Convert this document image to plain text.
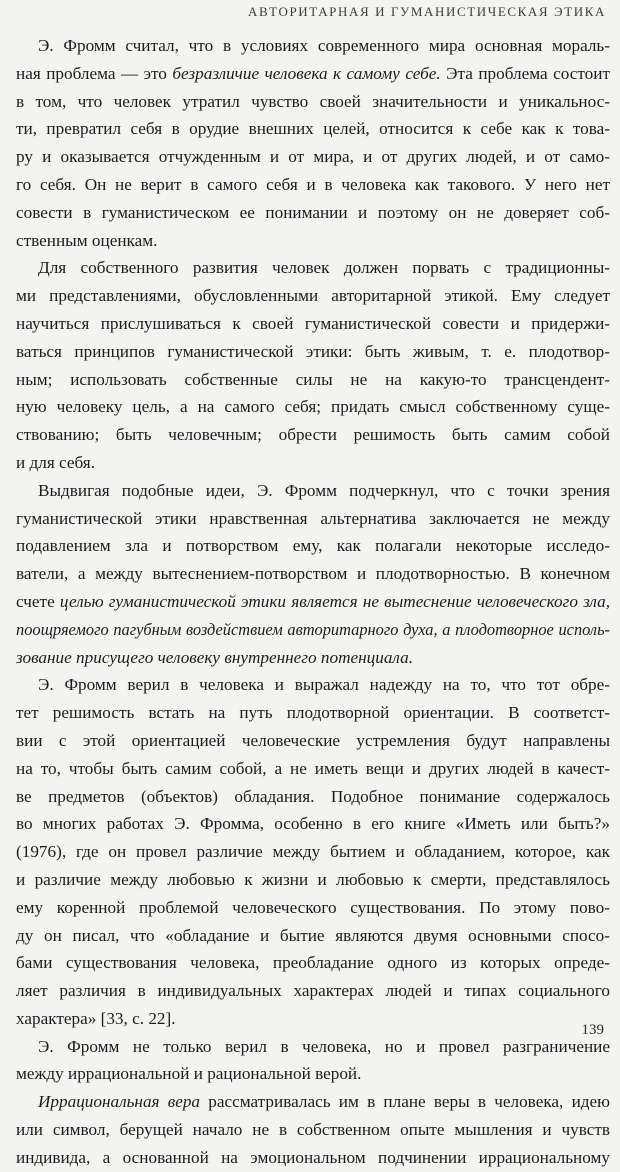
АВТОРИТАРНАЯ И ГУМАНИСТИЧЕСКАЯ ЭТИКА
Э. Фромм считал, что в условиях современного мира основная мораль-
ная проблема — это безразличие человека к самому себе. Эта проблема состоит
в том, что человек утратил чувство своей значительности и уникальнос-
ти, превратил себя в орудие внешних целей, относится к себе как к това-
ру и оказывается отчужденным и от мира, и от других людей, и от само-
го себя. Он не верит в самого себя и в человека как такового. У него нет
совести в гуманистическом ее понимании и поэтому он не доверяет соб-
ственным оценкам.
Для собственного развития человек должен порвать с традиционны-
ми представлениями, обусловленными авторитарной этикой. Ему следует
научиться прислушиваться к своей гуманистической совести и придержи-
ваться принципов гуманистической этики: быть живым, т. е. плодотвор-
ным; использовать собственные силы не на какую-то трансцендент-
ную человеку цель, а на самого себя; придать смысл собственному суще-
ствованию; быть человечным; обрести решимость быть самим собой
и для себя.
Выдвигая подобные идеи, Э. Фромм подчеркнул, что с точки зрения
гуманистической этики нравственная альтернатива заключается не между
подавлением зла и потворством ему, как полагали некоторые исследо-
ватели, а между вытеснением-потворством и плодотворностью. В конечном
счете целью гуманистической этики является не вытеснение человеческого зла,
поощряемого пагубным воздействием авторитарного духа, а плодотворное исполь-
зование присущего человеку внутреннего потенциала.
Э. Фромм верил в человека и выражал надежду на то, что тот обре-
тет решимость встать на путь плодотворной ориентации. В соответст-
вии с этой ориентацией человеческие устремления будут направлены
на то, чтобы быть самим собой, а не иметь вещи и других людей в качест-
ве предметов (объектов) обладания. Подобное понимание содержалось
во многих работах Э. Фромма, особенно в его книге «Иметь или быть?»
(1976), где он провел различие между бытием и обладанием, которое, как
и различие между любовью к жизни и любовью к смерти, представлялось
ему коренной проблемой человеческого существования. По этому пово-
ду он писал, что «обладание и бытие являются двумя основными спосо-
бами существования человека, преобладание одного из которых опреде-
ляет различия в индивидуальных характерах людей и типах социального
характера» [33, с. 22].
Э. Фромм не только верил в человека, но и провел разграничение
между иррациональной и рациональной верой.
Иррациональная вера рассматривалась им в плане веры в человека, идею
или символ, берущей начало не в собственном опыте мышления и чувств
индивида, а основанной на эмоциональном подчинении иррациональному
139
